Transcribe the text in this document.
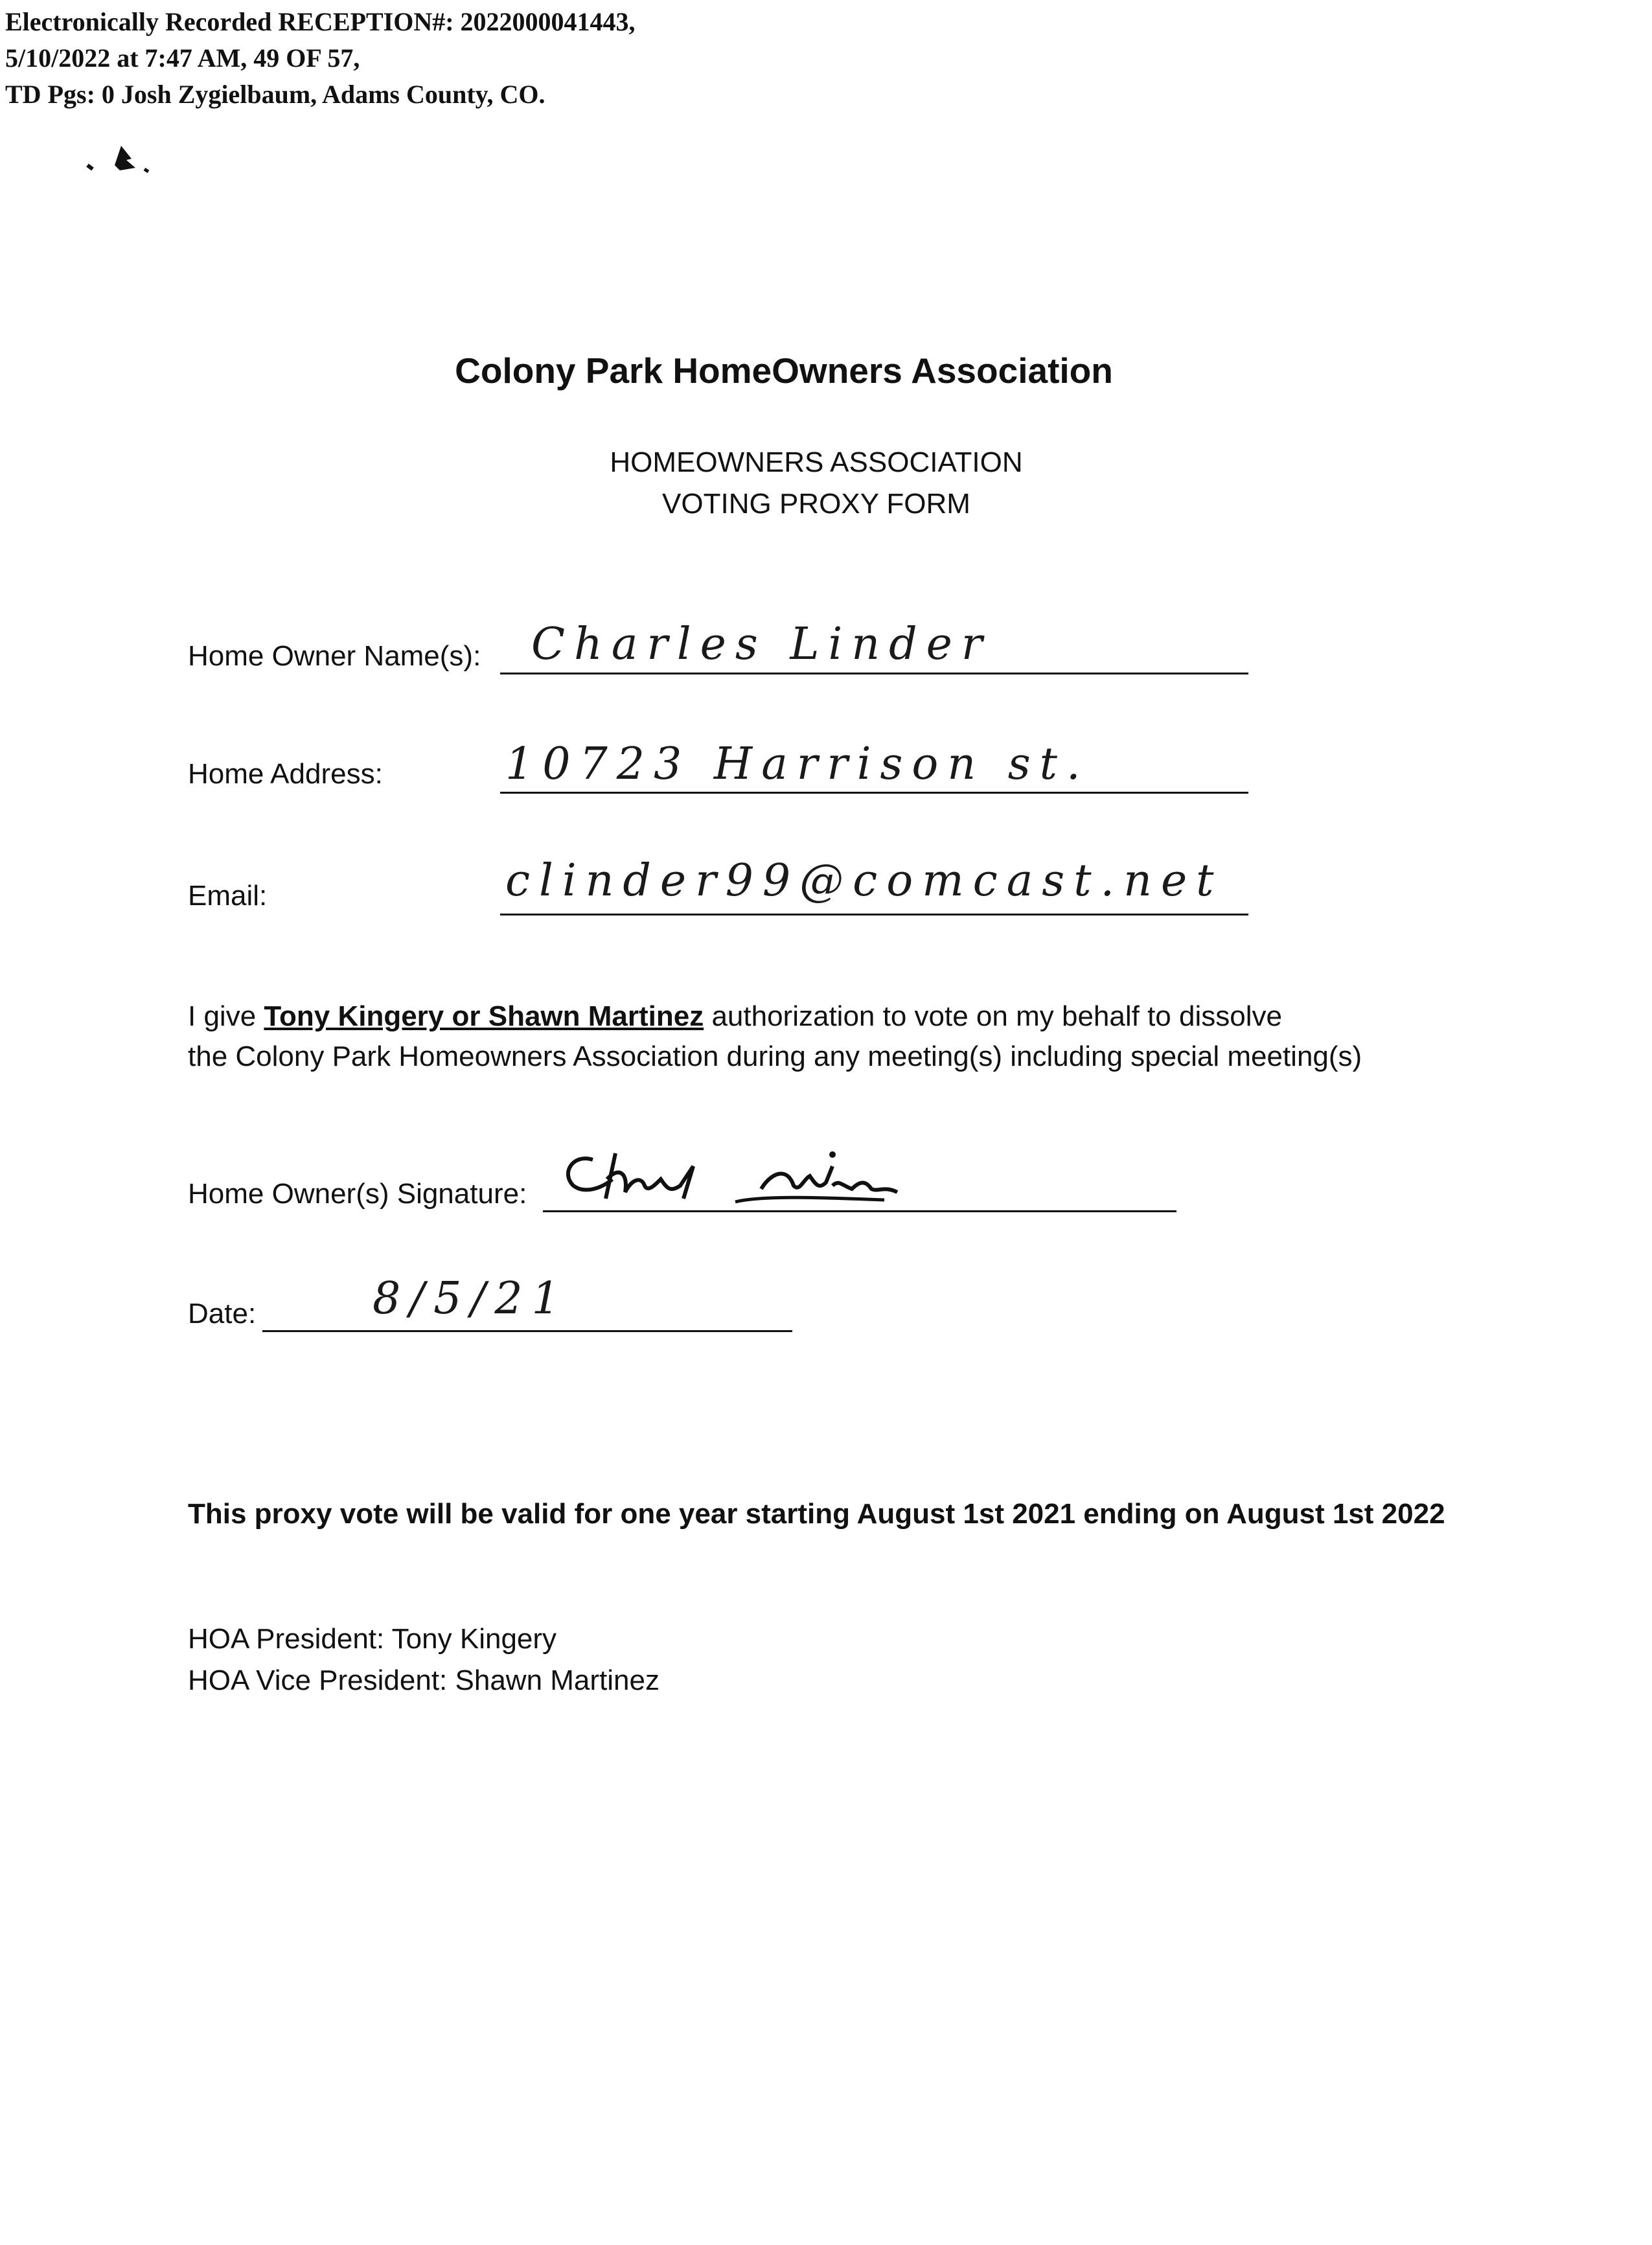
Electronically Recorded RECEPTION#: 2022000041443,
5/10/2022 at 7:47 AM, 49 OF 57,
TD Pgs: 0 Josh Zygielbaum, Adams County, CO.
Colony Park HomeOwners Association
HOMEOWNERS ASSOCIATION
VOTING PROXY FORM
Home Owner Name(s): Charles Linder
Home Address:	10723 Harrison st.
Email:	clinder99@comcast.net
I give Tony Kingery or Shawn Martinez authorization to vote on my behalf to dissolve
the Colony Park Homeowners Association during any meeting(s) including special meeting(s)
Home Owner(s) Signature:
Date:	8/5/21
This proxy vote will be valid for one year starting August 1st 2021 ending on August 1st 2022
HOA President: Tony Kingery
HOA Vice President: Shawn Martinez
